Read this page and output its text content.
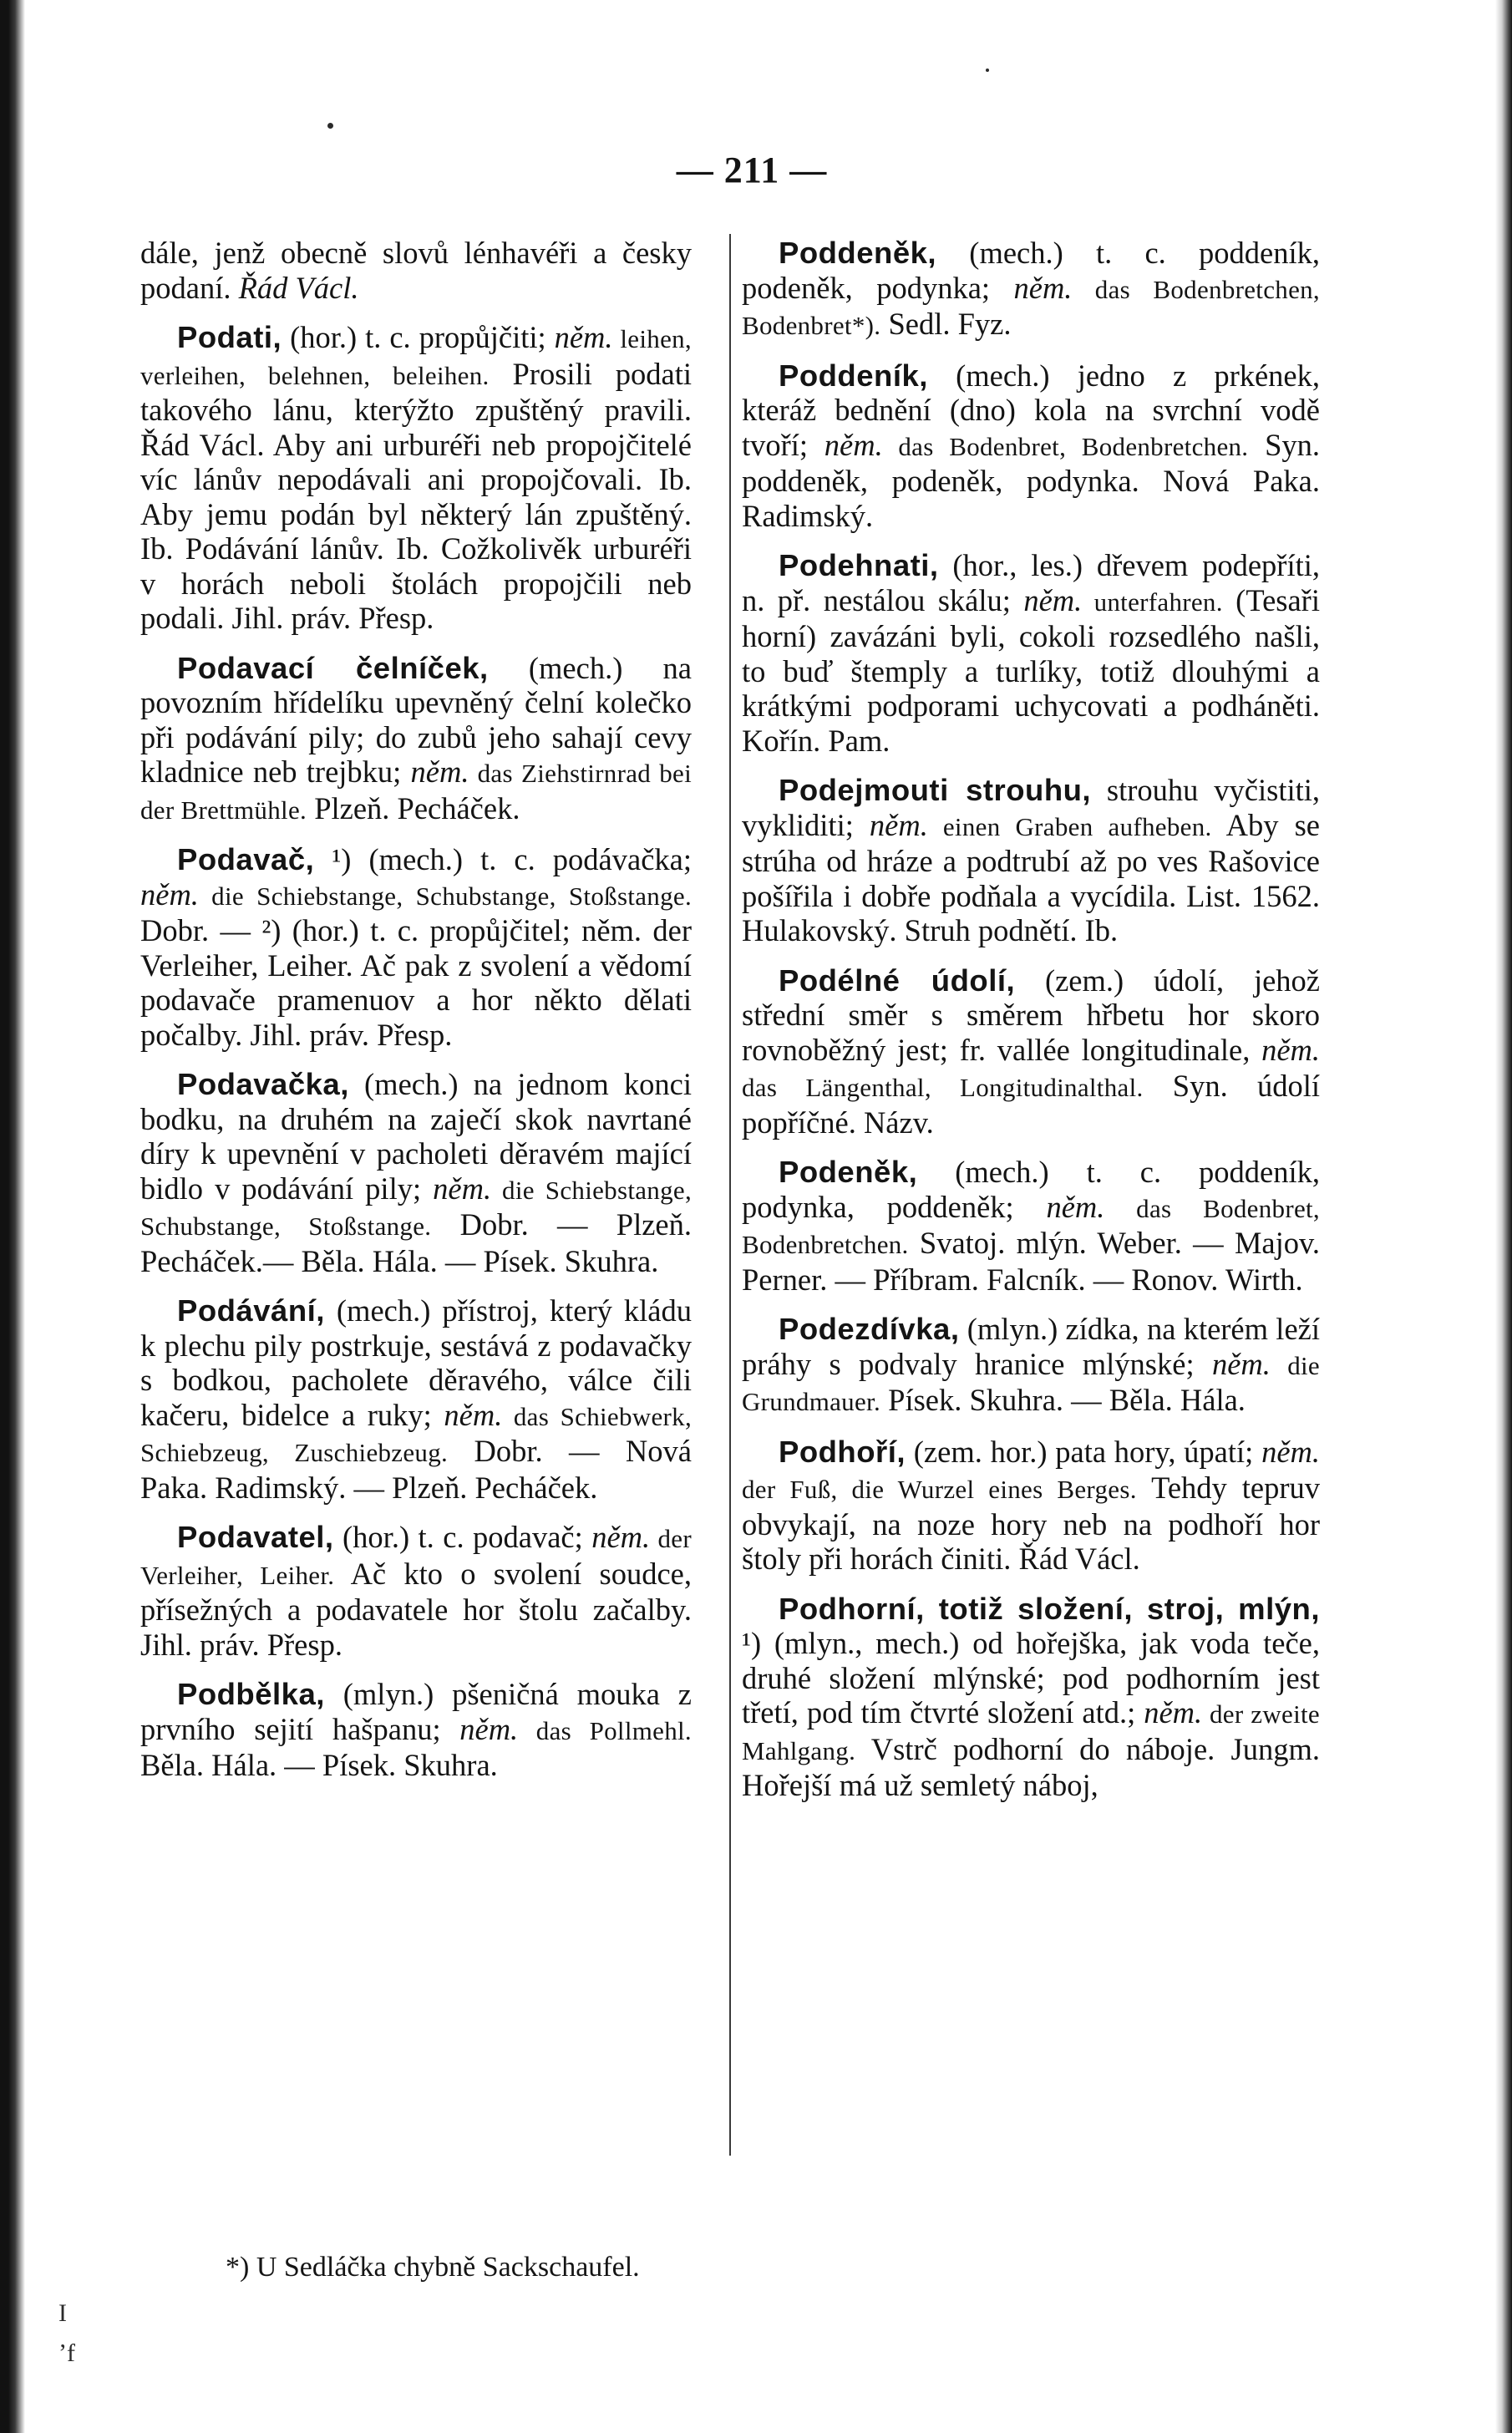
— 211 —
dále, jenž obecně slovů lénhavéři a česky podaní. Řád Václ.
Podati, (hor.) t. c. propůjčiti; něm. leihen, verleihen, belehnen, beleihen. Prosili podati takového lánu, kterýžto zpuštěný pravili. Řád Václ. Aby ani urburéři neb propojčitelé víc lánův nepodávali ani propojčovali. Ib. Aby jemu podán byl některý lán zpuštěný. Ib. Podávání lánův. Ib. Cožkolivěk urburéři v horách neboli štolách propojčili neb podali. Jihl. práv. Přesp.
Podavací čelníček, (mech.) na povozním hřídelíku upevněný čelní kolečko při podávání pily; do zubů jeho sahají cevy kladnice neb trejbku; něm. das Ziehstirnrad bei der Brettmühle. Plzeň. Pecháček.
Podavač, ¹) (mech.) t. c. podávačka; něm. die Schiebstange, Schubstange, Stoßstange. Dobr. — ²) (hor.) t. c. propůjčitel; něm. der Verleiher, Leiher. Ač pak z svolení a vědomí podavače pramenuov a hor někto dělati počalby. Jihl. práv. Přesp.
Podavačka, (mech.) na jednom konci bodku, na druhém na zaječí skok navrtané díry k upevnění v pacholeti děravém mající bidlo v podávání pily; něm. die Schiebstange, Schubstange, Stoßstange. Dobr. — Plzeň. Pecháček.— Běla. Hála. — Písek. Skuhra.
Podávání, (mech.) přístroj, který kládu k plechu pily postrkuje, sestává z podavačky s bodkou, pacholete děravého, válce čili kačeru, bidelce a ruky; něm. das Schiebwerk, Schiebzeug, Zuschiebzeug. Dobr. — Nová Paka. Radimský. — Plzeň. Pecháček.
Podavatel, (hor.) t. c. podavač; něm. der Verleiher, Leiher. Ač kto o svolení soudce, přísežných a podavatele hor štolu začalby. Jihl. práv. Přesp.
Podbělka, (mlyn.) pšeničná mouka z prvního sejití hašpanu; něm. das Pollmehl. Běla. Hála. — Písek. Skuhra.
Poddeněk, (mech.) t. c. poddeník, podeněk, podynka; něm. das Bodenbretchen, Bodenbret*). Sedl. Fyz.
Poddeník, (mech.) jedno z prkének, kteráž bednění (dno) kola na svrchní vodě tvoří; něm. das Bodenbret, Bodenbretchen. Syn. poddeněk, podeněk, podynka. Nová Paka. Radimský.
Podehnati, (hor., les.) dřevem podepříti, n. př. nestálou skálu; něm. unterfahren. (Tesaři horní) zavázáni byli, cokoli rozsedlého našli, to buď štemply a turlíky, totiž dlouhými a krátkými podporami uchycovati a podháněti. Kořín. Pam.
Podejmouti strouhu, strouhu vyčistiti, vykliditi; něm. einen Graben aufheben. Aby se strúha od hráze a podtrubí až po ves Rašovice pošířila i dobře podňala a vycídila. List. 1562. Hulakovský. Struh podnětí. Ib.
Podélné údolí, (zem.) údolí, jehož střední směr s směrem hřbetu hor skoro rovnoběžný jest; fr. vallée longitudinale, něm. das Längenthal, Longitudinalthal. Syn. údolí popříčné. Názv.
Podeněk, (mech.) t. c. poddeník, podynka, poddeněk; něm. das Bodenbret, Bodenbretchen. Svatoj. mlýn. Weber. — Majov. Perner. — Příbram. Falcník. — Ronov. Wirth.
Podezdívka, (mlyn.) zídka, na kterém leží práhy s podvaly hranice mlýnské; něm. die Grundmauer. Písek. Skuhra. — Běla. Hála.
Podhoří, (zem. hor.) pata hory, úpatí; něm. der Fuß, die Wurzel eines Berges. Tehdy tepruv obvykají, na noze hory neb na podhoří hor štoly při horách činiti. Řád Václ.
Podhorní, totiž složení, stroj, mlýn, ¹) (mlyn., mech.) od hořejška, jak voda teče, druhé složení mlýnské; pod podhorním jest třetí, pod tím čtvrté složení atd.; něm. der zweite Mahlgang. Vstrč podhorní do náboje. Jungm. Hořejší má už semletý náboj,
*) U Sedláčka chybně Sackschaufel.
I
ʼf
